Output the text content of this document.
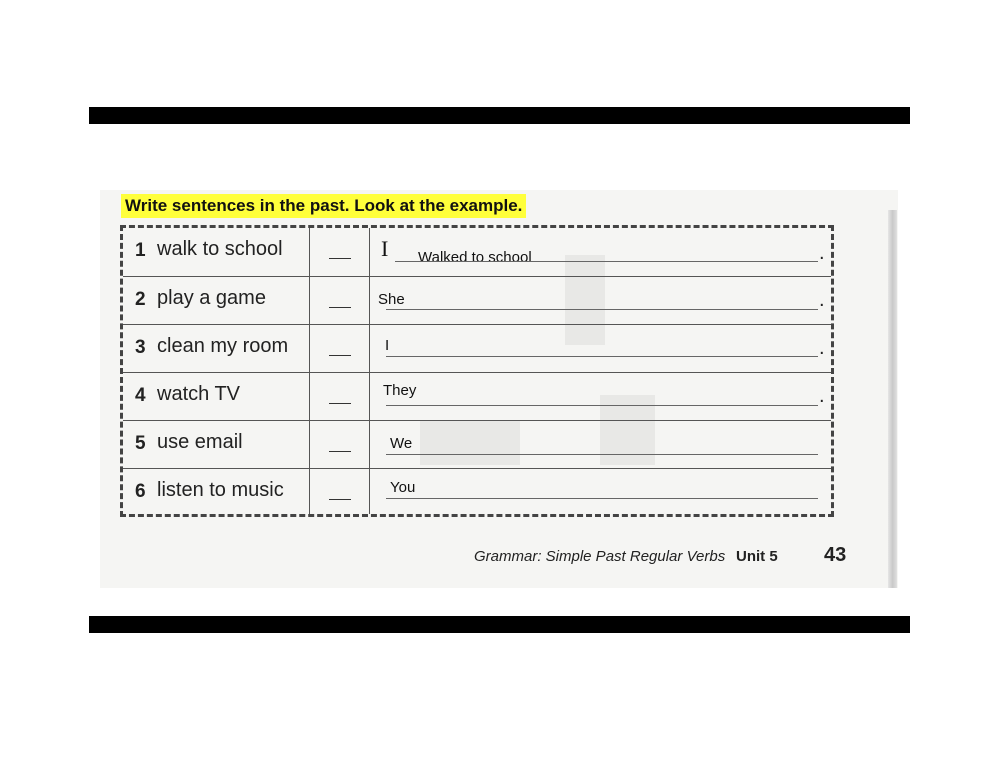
Write sentences in the past. Look at the example.
1 walk to school	I Walked to school	.
2 play a game	She	.
3 clean my room	I	.
4 watch TV	They	.
5 use email	We
6 listen to music	You
Grammar: Simple Past Regular Verbs Unit 5 43
